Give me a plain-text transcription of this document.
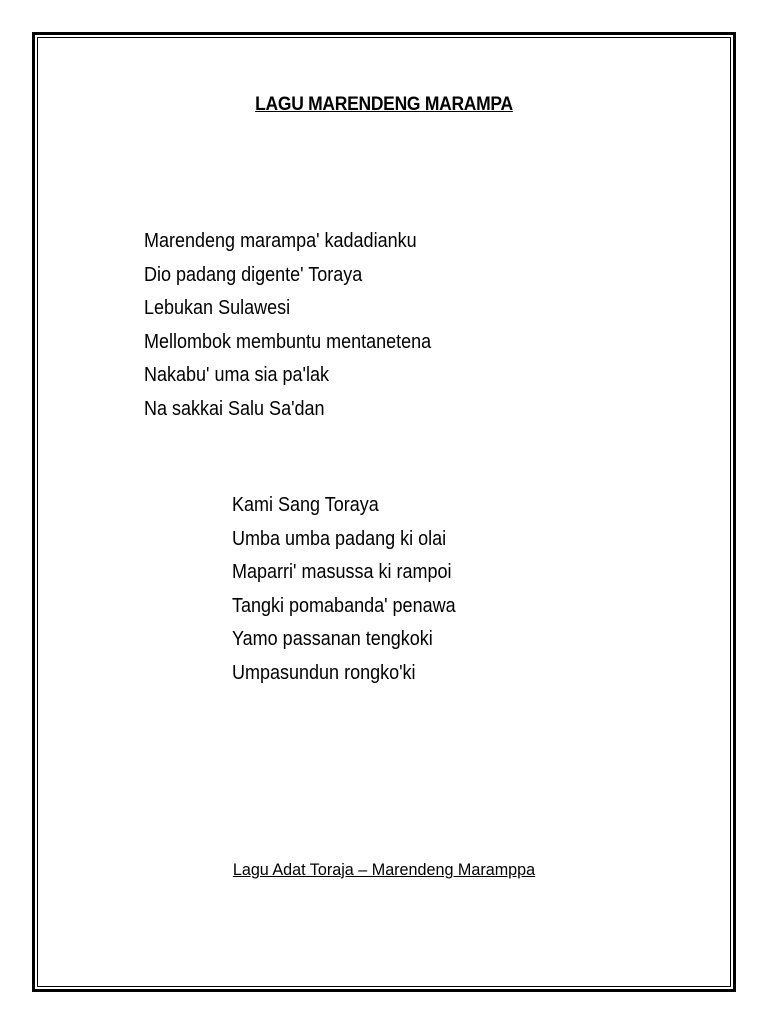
LAGU MARENDENG MARAMPA
Marendeng marampa' kadadianku
Dio padang digente' Toraya
Lebukan Sulawesi
Mellombok membuntu mentanetena
Nakabu' uma sia pa'lak
Na sakkai Salu Sa'dan
Kami Sang Toraya
Umba umba padang ki olai
Maparri' masussa ki rampoi
Tangki pomabanda' penawa
Yamo passanan tengkoki
Umpasundun rongko'ki
Lagu Adat Toraja – Marendeng Maramppa
